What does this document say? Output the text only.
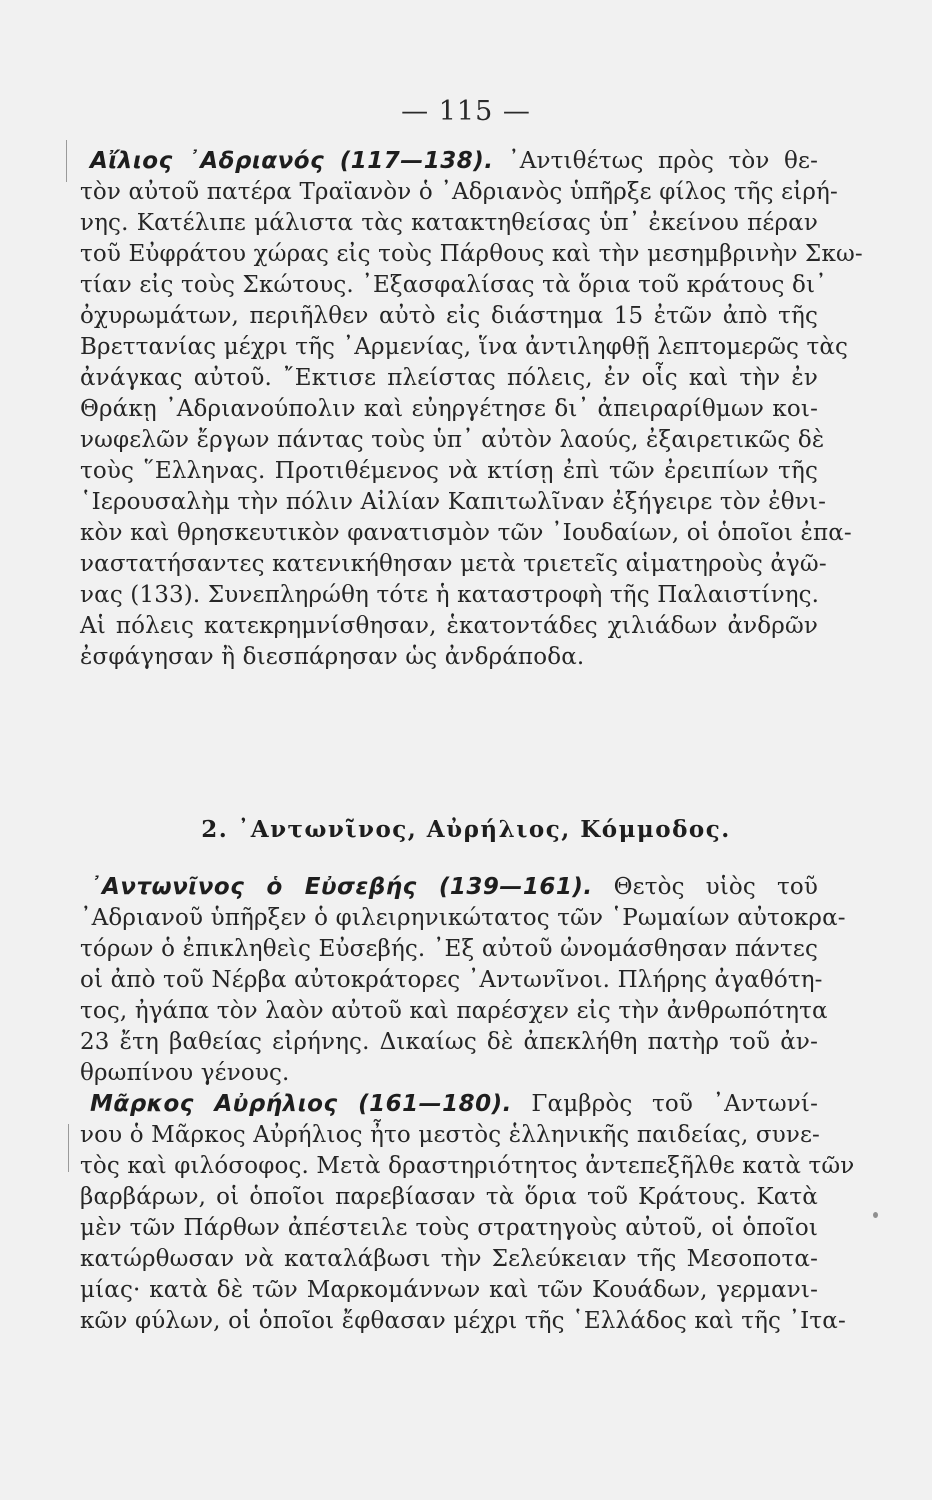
— 115 —
Αἴλιος ᾿Αδριανός (117—138). ᾿Αντιθέτως πρὸς τὸν θε-
τὸν αὐτοῦ πατέρα Τραϊανὸν ὁ ᾿Αδριανὸς ὑπῆρξε φίλος τῆς εἰρή-
νης. Κατέλιπε μάλιστα τὰς κατακτηθείσας ὑπ᾿ ἐκείνου πέραν
τοῦ Εὐφράτου χώρας εἰς τοὺς Πάρθους καὶ τὴν μεσημβρινὴν Σκω-
τίαν εἰς τοὺς Σκώτους. ᾿Εξασφαλίσας τὰ ὅρια τοῦ κράτους δι᾿
ὀχυρωμάτων, περιῆλθεν αὐτὸ εἰς διάστημα 15 ἐτῶν ἀπὸ τῆς
Βρεττανίας μέχρι τῆς ᾿Αρμενίας, ἵνα ἀντιληφθῇ λεπτομερῶς τὰς
ἀνάγκας αὐτοῦ. ῎Εκτισε πλείστας πόλεις, ἐν οἷς καὶ τὴν ἐν
Θράκῃ ᾿Αδριανούπολιν καὶ εὐηργέτησε δι᾿ ἀπειραρίθμων κοι-
νωφελῶν ἔργων πάντας τοὺς ὑπ᾿ αὐτὸν λαούς, ἐξαιρετικῶς δὲ
τοὺς ῞Ελληνας. Προτιθέμενος νὰ κτίσῃ ἐπὶ τῶν ἐρειπίων τῆς
῾Ιερουσαλὴμ τὴν πόλιν Αἰλίαν Καπιτωλῖναν ἐξήγειρε τὸν ἐθνι-
κὸν καὶ θρησκευτικὸν φανατισμὸν τῶν ᾿Ιουδαίων, οἱ ὁποῖοι ἐπα-
ναστατήσαντες κατενικήθησαν μετὰ τριετεῖς αἱματηροὺς ἀγῶ-
νας (133). Συνεπληρώθη τότε ἡ καταστροφὴ τῆς Παλαιστίνης.
Αἱ πόλεις κατεκρημνίσθησαν, ἑκατοντάδες χιλιάδων ἀνδρῶν
ἐσφάγησαν ἢ διεσπάρησαν ὡς ἀνδράποδα.
2. ᾿Αντωνῖνος, Αὐρήλιος, Κόμμοδος.
᾿Αντωνῖνος ὁ Εὐσεβής (139—161). Θετὸς υἱὸς τοῦ
᾿Αδριανοῦ ὑπῆρξεν ὁ φιλειρηνικώτατος τῶν ῾Ρωμαίων αὐτοκρα-
τόρων ὁ ἐπικληθεὶς Εὐσεβής. ᾿Εξ αὐτοῦ ὠνομάσθησαν πάντες
οἱ ἀπὸ τοῦ Νέρβα αὐτοκράτορες ᾿Αντωνῖνοι. Πλήρης ἀγαθότη-
τος, ἠγάπα τὸν λαὸν αὐτοῦ καὶ παρέσχεν εἰς τὴν ἀνθρωπότητα
23 ἔτη βαθείας εἰρήνης. Δικαίως δὲ ἀπεκλήθη πατὴρ τοῦ ἀν-
θρωπίνου γένους.
Μᾶρκος Αὐρήλιος (161—180). Γαμβρὸς τοῦ ᾿Αντωνί-
νου ὁ Μᾶρκος Αὐρήλιος ἦτο μεστὸς ἑλληνικῆς παιδείας, συνε-
τὸς καὶ φιλόσοφος. Μετὰ δραστηριότητος ἀντεπεξῆλθε κατὰ τῶν
βαρβάρων, οἱ ὁποῖοι παρεβίασαν τὰ ὅρια τοῦ Κράτους. Κατὰ
μὲν τῶν Πάρθων ἀπέστειλε τοὺς στρατηγοὺς αὐτοῦ, οἱ ὁποῖοι
κατώρθωσαν νὰ καταλάβωσι τὴν Σελεύκειαν τῆς Μεσοποτα-
μίας· κατὰ δὲ τῶν Μαρκομάννων καὶ τῶν Κουάδων, γερμανι-
κῶν φύλων, οἱ ὁποῖοι ἔφθασαν μέχρι τῆς ῾Ελλάδος καὶ τῆς ᾿Ιτα-
